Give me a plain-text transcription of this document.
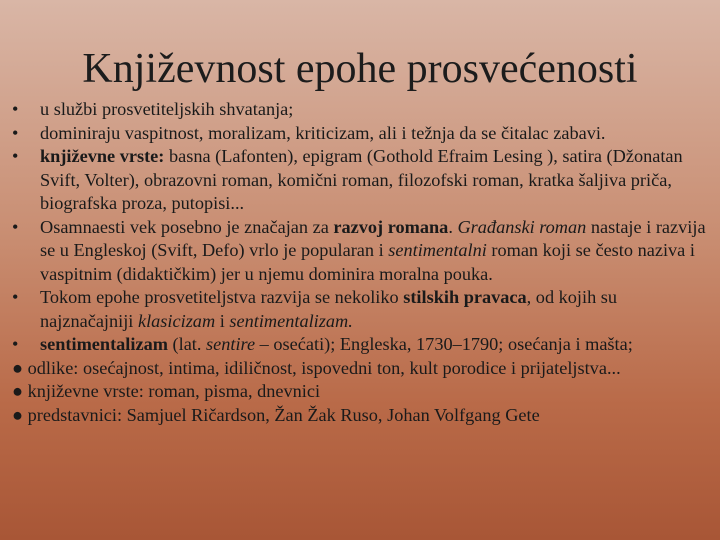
Književnost epohe prosvećenosti
• u službi prosvetiteljskih shvatanja;
• dominiraju vaspitnost, moralizam, kriticizam, ali i težnja da se čitalac zabavi.
• književne vrste: basna (Lafonten), epigram (Gothold Efraim Lesing ), satira (Džonatan Svift, Volter), obrazovni roman, komični roman, filozofski roman, kratka šaljiva priča, biografska proza, putopisi...
• Osamnaesti vek posebno je značajan za razvoj romana. Građanski roman nastaje i razvija se u Engleskoj (Svift, Defo) vrlo je popularan i sentimentalni roman koji se često naziva i vaspitnim (didaktičkim) jer u njemu dominira moralna pouka.
• Tokom epohe prosvetiteljstva razvija se nekoliko stilskih pravaca, od kojih su najznačajniji klasicizam i sentimentalizam.
• sentimentalizam (lat. sentire – osećati); Engleska, 1730–1790; osećanja i mašta;
● odlike: osećajnost, intima, idiličnost, ispovedni ton, kult porodice i prijateljstva...
● književne vrste: roman, pisma, dnevnici
● predstavnici: Samjuel Ričardson, Žan Žak Ruso, Johan Volfgang Gete
